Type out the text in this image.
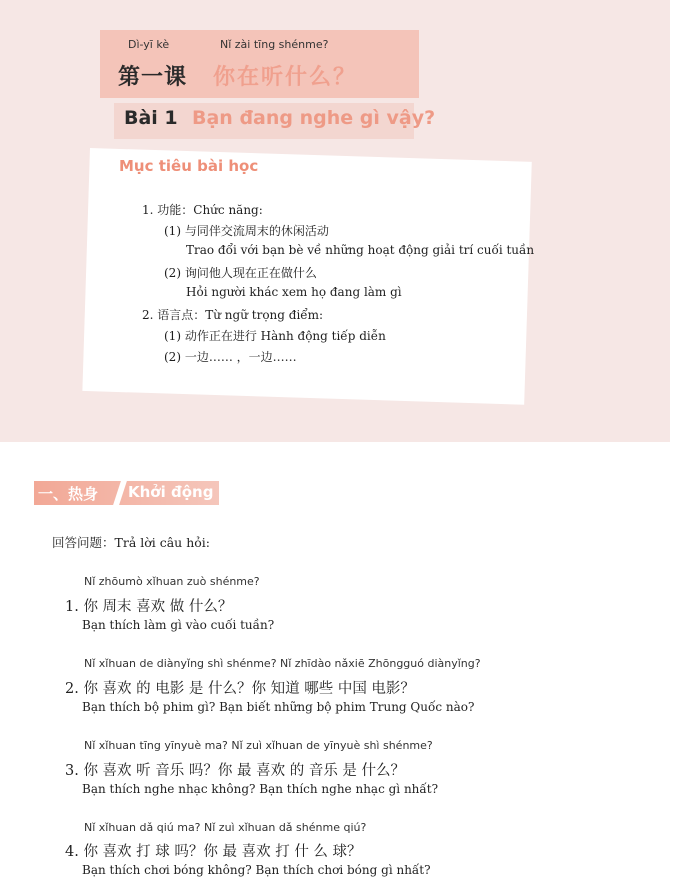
Dì-yī kè	Nǐ zài tīng shénme?
第一课 你在听什么？
Bài 1 Bạn đang nghe gì vậy?
Mục tiêu bài học
1. 功能：Chức năng:
(1) 与同伴交流周末的休闲活动
Trao đổi với bạn bè về những hoạt động giải trí cuối tuần
(2) 询问他人现在正在做什么
Hỏi người khác xem họ đang làm gì
2. 语言点：Từ ngữ trọng điểm:
(1) 动作正在进行 Hành động tiếp diễn
(2) 一边…… ，一边……
一、热身 Khởi động
回答问题：Trả lời câu hỏi:
Nǐ zhōumò xǐhuan zuò shénme?
1. 你 周末 喜欢 做 什么？
Bạn thích làm gì vào cuối tuần?
Nǐ xǐhuan de diànyǐng shì shénme? Nǐ zhīdào nǎxiē Zhōngguó diànyǐng?
2. 你 喜欢 的 电影 是 什么？你 知道 哪些 中国 电影？
Bạn thích bộ phim gì? Bạn biết những bộ phim Trung Quốc nào?
Nǐ xǐhuan tīng yīnyuè ma? Nǐ zuì xǐhuan de yīnyuè shì shénme?
3. 你 喜欢 听 音乐 吗？你 最 喜欢 的 音乐 是 什么？
Bạn thích nghe nhạc không? Bạn thích nghe nhạc gì nhất?
Nǐ xǐhuan dǎ qiú ma? Nǐ zuì xǐhuan dǎ shénme qiú?
4. 你 喜欢 打 球 吗？你 最 喜欢 打 什 么 球？
Bạn thích chơi bóng không? Bạn thích chơi bóng gì nhất?
